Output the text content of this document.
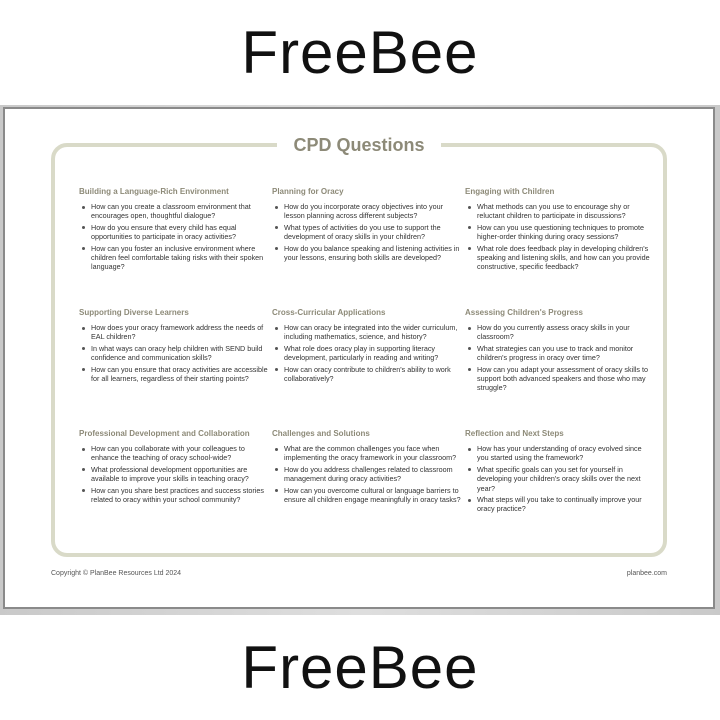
FreeBee
CPD Questions
Building a Language-Rich Environment
How can you create a classroom environment that encourages open, thoughtful dialogue?
How do you ensure that every child has equal opportunities to participate in oracy activities?
How can you foster an inclusive environment where children feel comfortable taking risks with their spoken language?
Planning for Oracy
How do you incorporate oracy objectives into your lesson planning across different subjects?
What types of activities do you use to support the development of oracy skills in your children?
How do you balance speaking and listening activities in your lessons, ensuring both skills are developed?
Engaging with Children
What methods can you use to encourage shy or reluctant children to participate in discussions?
How can you use questioning techniques to promote higher-order thinking during oracy sessions?
What role does feedback play in developing children's speaking and listening skills, and how can you provide constructive, specific feedback?
Supporting Diverse Learners
How does your oracy framework address the needs of EAL children?
In what ways can oracy help children with SEND build confidence and communication skills?
How can you ensure that oracy activities are accessible for all learners, regardless of their starting points?
Cross-Curricular Applications
How can oracy be integrated into the wider curriculum, including mathematics, science, and history?
What role does oracy play in supporting literacy development, particularly in reading and writing?
How can oracy contribute to children's ability to work collaboratively?
Assessing Children's Progress
How do you currently assess oracy skills in your classroom?
What strategies can you use to track and monitor children's progress in oracy over time?
How can you adapt your assessment of oracy skills to support both advanced speakers and those who may struggle?
Professional Development and Collaboration
How can you collaborate with your colleagues to enhance the teaching of oracy school-wide?
What professional development opportunities are available to improve your skills in teaching oracy?
How can you share best practices and success stories related to oracy within your school community?
Challenges and Solutions
What are the common challenges you face when implementing the oracy framework in your classroom?
How do you address challenges related to classroom management during oracy activities?
How can you overcome cultural or language barriers to ensure all children engage meaningfully in oracy tasks?
Reflection and Next Steps
How has your understanding of oracy evolved since you started using the framework?
What specific goals can you set for yourself in developing your children's oracy skills over the next year?
What steps will you take to continually improve your oracy practice?
Copyright © PlanBee Resources Ltd 2024	planbee.com
FreeBee
